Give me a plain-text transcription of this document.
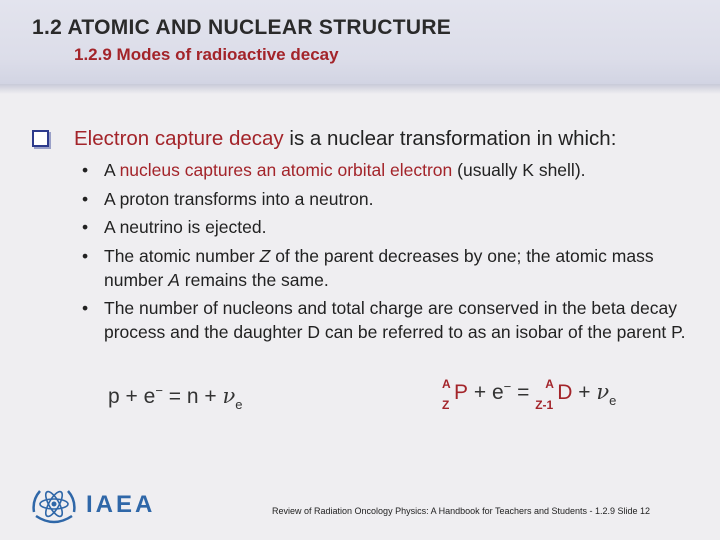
1.2 ATOMIC AND NUCLEAR STRUCTURE
1.2.9 Modes of radioactive decay
Electron capture decay is a nuclear transformation in which:
• A nucleus captures an atomic orbital electron (usually K shell).
• A proton transforms into a neutron.
• A neutrino is ejected.
• The atomic number Z of the parent decreases by one; the atomic mass number A remains the same.
• The number of nucleons and total charge are conserved in the beta decay process and the daughter D can be referred to as an isobar of the parent P.
$p + e^- = n + \nu_e$
A
Z
P + e− = A
Z-1
$D + \nu_e$
IAEA	Review of Radiation Oncology Physics: A Handbook for Teachers and Students - 1.2.9 Slide 12
